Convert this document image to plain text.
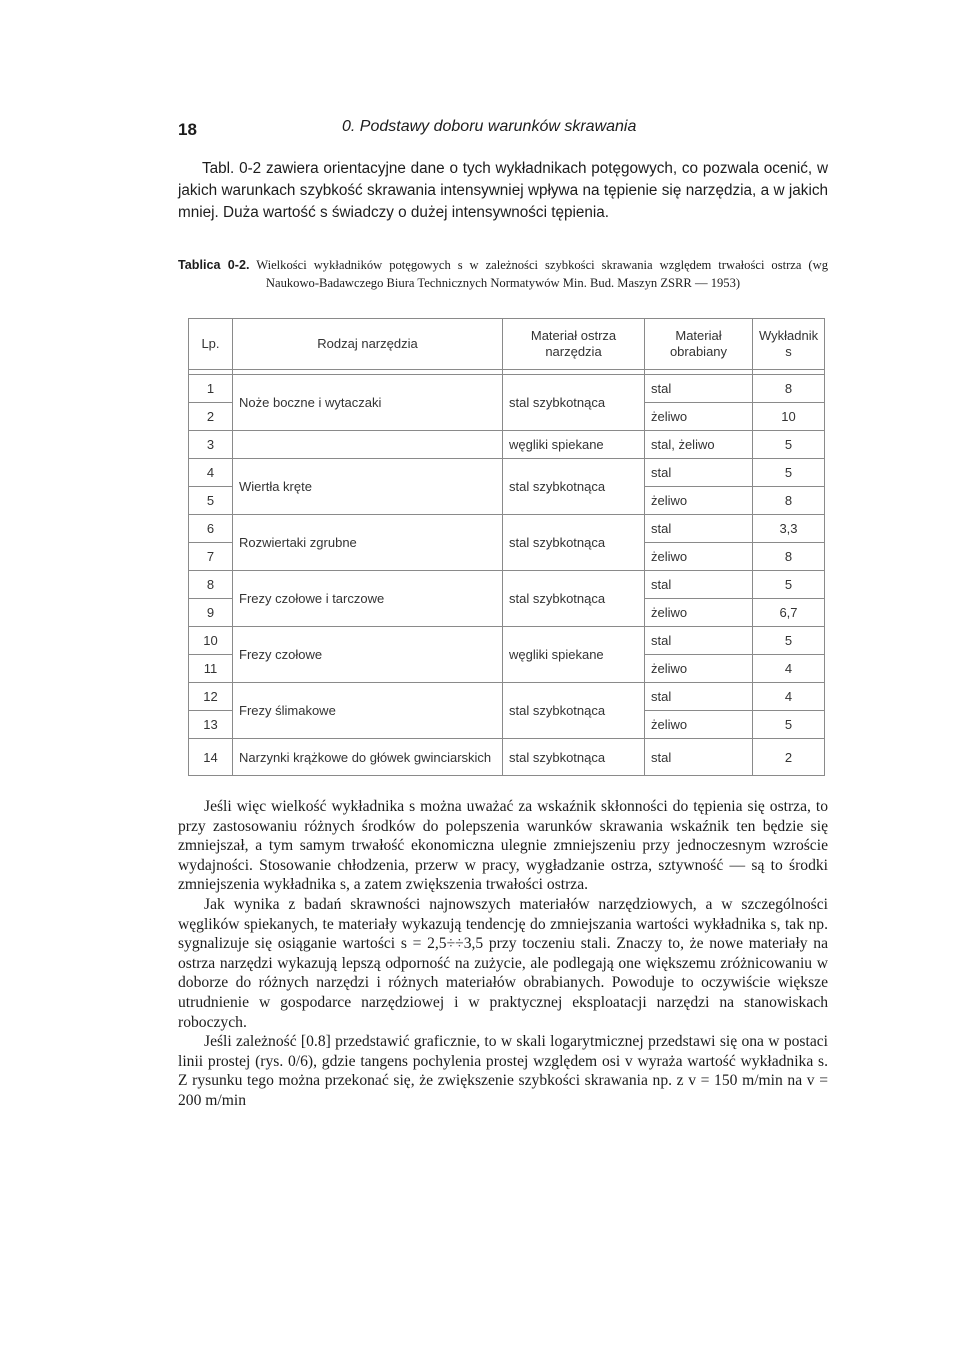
18	0. Podstawy doboru warunków skrawania

Tabl. 0-2 zawiera orientacyjne dane o tych wykładnikach potęgowych, co pozwala ocenić, w jakich warunkach szybkość skrawania intensywniej wpływa na tępienie się narzędzia, a w jakich mniej. Duża wartość s świadczy o dużej intensywności tępienia.

Tablica 0-2. Wielkości wykładników potęgowych s w zależności szybkości skrawania względem trwałości ostrza (wg Naukowo-Badawczego Biura Technicznych Normatywów Min. Bud. Maszyn ZSRR — 1953)

Lp.	Rodzaj narzędzia	Materiał ostrza narzędzia	Materiał obrabiany	Wykładnik s

1	Noże boczne i wytaczaki	stal szybkotnąca	stal	8
2			żeliwo	10
3		węgliki spiekane	stal, żeliwo	5
4	Wiertła kręte	stal szybkotnąca	stal	5
5			żeliwo	8
6	Rozwiertaki zgrubne	stal szybkotnąca	stal	3,3
7			żeliwo	8
8	Frezy czołowe i tarczowe	stal szybkotnąca	stal	5
9			żeliwo	6,7
10	Frezy czołowe	węgliki spiekane	stal	5
11			żeliwo	4
12	Frezy ślimakowe	stal szybkotnąca	stal	4
13			żeliwo	5
14	Narzynki krążkowe do główek gwinciarskich	stal szybkotnąca	stal	2

Jeśli więc wielkość wykładnika s można uważać za wskaźnik skłonności do tępienia się ostrza, to przy zastosowaniu różnych środków do polepszenia warunków skrawania wskaźnik ten będzie się zmniejszał, a tym samym trwałość ekonomiczna ulegnie zmniejszeniu przy jednoczesnym wzroście wydajności. Stosowanie chłodzenia, przerw w pracy, wygładzanie ostrza, sztywność — są to środki zmniejszenia wykładnika s, a zatem zwiększenia trwałości ostrza.

Jak wynika z badań skrawności najnowszych materiałów narzędziowych, a w szczególności węglików spiekanych, te materiały wykazują tendencję do zmniejszania wartości wykładnika s, tak np. sygnalizuje się osiąganie wartości s = 2,5÷÷3,5 przy toczeniu stali. Znaczy to, że nowe materiały na ostrza narzędzi wykazują lepszą odporność na zużycie, ale podlegają one większemu zróżnicowaniu w doborze do różnych narzędzi i różnych materiałów obrabianych. Powoduje to oczywiście większe utrudnienie w gospodarce narzędziowej i w praktycznej eksploatacji narzędzi na stanowiskach roboczych.

Jeśli zależność [0.8] przedstawić graficznie, to w skali logarytmicznej przedstawi się ona w postaci linii prostej (rys. 0/6), gdzie tangens pochylenia prostej względem osi v wyraża wartość wykładnika s. Z rysunku tego można przekonać się, że zwiększenie szybkości skrawania np. z v = 150 m/min na v = 200 m/min
